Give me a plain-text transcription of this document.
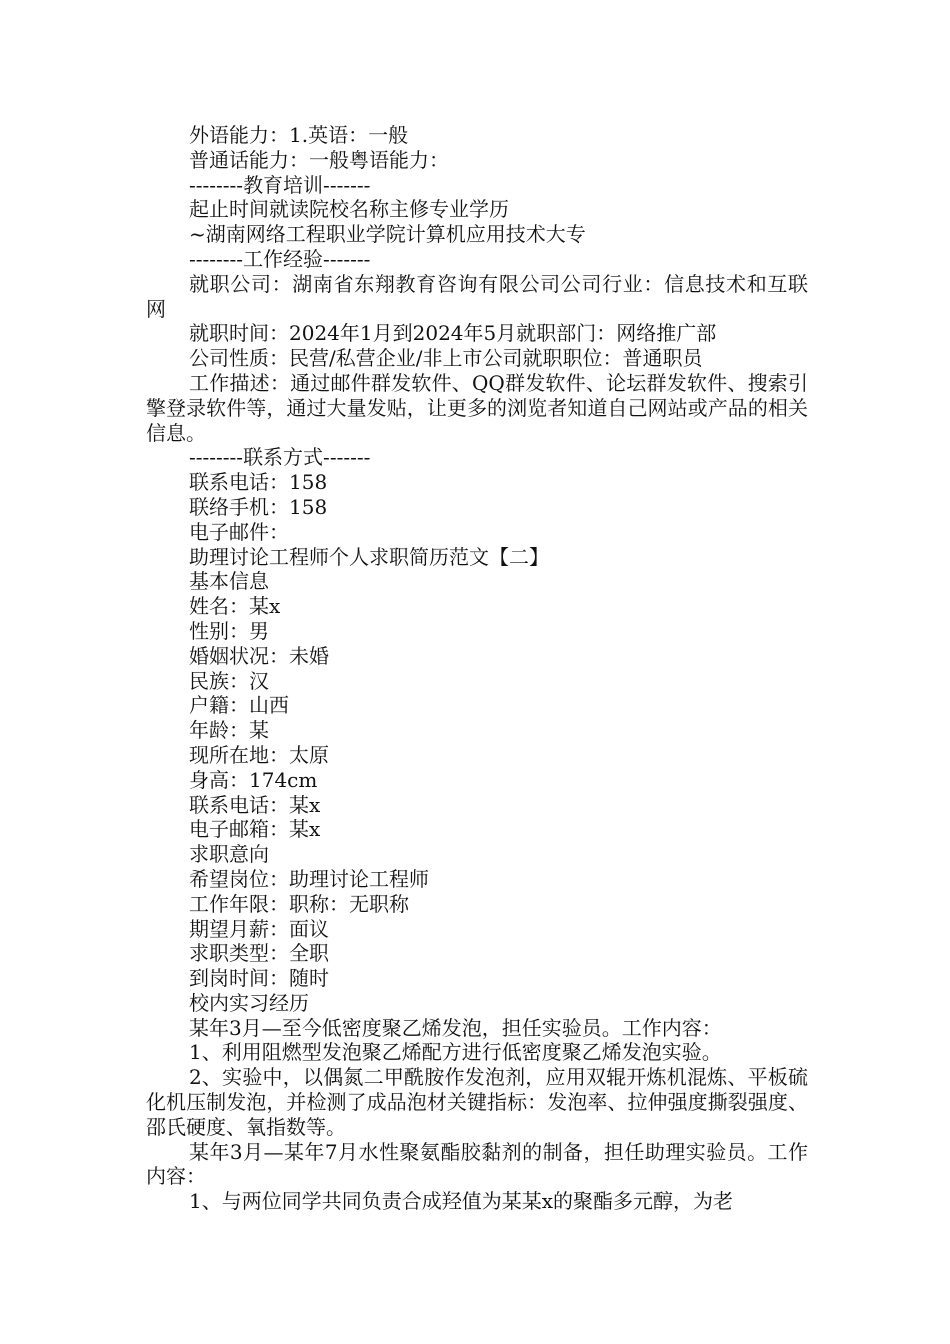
外语能力：1.英语：一般
普通话能力：一般粤语能力：
--------教育培训-------
起止时间就读院校名称主修专业学历
~湖南网络工程职业学院计算机应用技术大专
--------工作经验-------
就职公司：湖南省东翔教育咨询有限公司公司行业：信息技术和互联网
就职时间：2024年1月到2024年5月就职部门：网络推广部
公司性质：民营/私营企业/非上市公司就职职位：普通职员
工作描述：通过邮件群发软件、QQ群发软件、论坛群发软件、搜索引擎登录软件等，通过大量发贴，让更多的浏览者知道自己网站或产品的相关信息。
--------联系方式-------
联系电话：158
联络手机：158
电子邮件：
助理讨论工程师个人求职简历范文【二】
基本信息
姓名：某x
性别：男
婚姻状况：未婚
民族：汉
户籍：山西
年龄：某
现所在地：太原
身高：174cm
联系电话：某x
电子邮箱：某x
求职意向
希望岗位：助理讨论工程师
工作年限：职称：无职称
期望月薪：面议
求职类型：全职
到岗时间：随时
校内实习经历
某年3月—至今低密度聚乙烯发泡，担任实验员。工作内容：
1、利用阻燃型发泡聚乙烯配方进行低密度聚乙烯发泡实验。
2、实验中，以偶氮二甲酰胺作发泡剂，应用双辊开炼机混炼、平板硫化机压制发泡，并检测了成品泡材关键指标：发泡率、拉伸强度撕裂强度、邵氏硬度、氧指数等。
某年3月—某年7月水性聚氨酯胶黏剂的制备，担任助理实验员。工作内容：
1、与两位同学共同负责合成羟值为某某x的聚酯多元醇，为老
